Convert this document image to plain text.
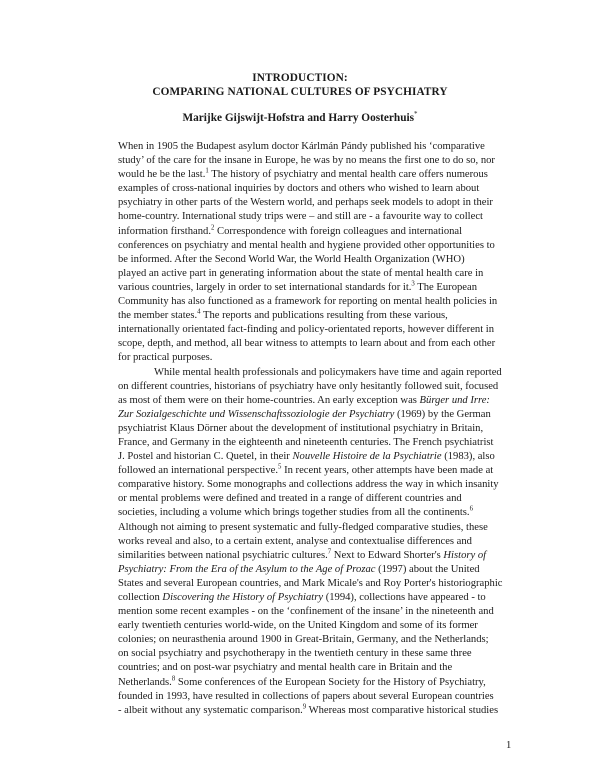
INTRODUCTION:
COMPARING NATIONAL CULTURES OF PSYCHIATRY
Marijke Gijswijt-Hofstra and Harry Oosterhuis*
When in 1905 the Budapest asylum doctor Kárlmán Pándy published his ‘comparative
study’ of the care for the insane in Europe, he was by no means the first one to do so, nor
would he be the last.$^1$ The history of psychiatry and mental health care offers numerous
examples of cross-national inquiries by doctors and others who wished to learn about
psychiatry in other parts of the Western world, and perhaps seek models to adopt in their
home-country. International study trips were – and still are - a favourite way to collect
information firsthand.$^2$ Correspondence with foreign colleagues and international
conferences on psychiatry and mental health and hygiene provided other opportunities to
be informed. After the Second World War, the World Health Organization (WHO)
played an active part in generating information about the state of mental health care in
various countries, largely in order to set international standards for it.$^3$ The European
Community has also functioned as a framework for reporting on mental health policies in
the member states.$^4$ The reports and publications resulting from these various,
internationally orientated fact-finding and policy-orientated reports, however different in
scope, depth, and method, all bear witness to attempts to learn about and from each other
for practical purposes.
While mental health professionals and policymakers have time and again reported
on different countries, historians of psychiatry have only hesitantly followed suit, focused
as most of them were on their home-countries. An early exception was Bürger und Irre:
Zur Sozialgeschichte und Wissenschaftssoziologie der Psychiatry (1969) by the German
psychiatrist Klaus Dörner about the development of institutional psychiatry in Britain,
France, and Germany in the eighteenth and nineteenth centuries. The French psychiatrist
J. Postel and historian C. Quetel, in their Nouvelle Histoire de la Psychiatrie (1983), also
followed an international perspective.$^5$ In recent years, other attempts have been made at
comparative history. Some monographs and collections address the way in which insanity
or mental problems were defined and treated in a range of different countries and
societies, including a volume which brings together studies from all the continents.$^6$
Although not aiming to present systematic and fully-fledged comparative studies, these
works reveal and also, to a certain extent, analyse and contextualise differences and
similarities between national psychiatric cultures.$^7$ Next to Edward Shorter's History of
Psychiatry: From the Era of the Asylum to the Age of Prozac (1997) about the United
States and several European countries, and Mark Micale's and Roy Porter's historiographic
collection Discovering the History of Psychiatry (1994), collections have appeared - to
mention some recent examples - on the ‘confinement of the insane’ in the nineteenth and
early twentieth centuries world-wide, on the United Kingdom and some of its former
colonies; on neurasthenia around 1900 in Great-Britain, Germany, and the Netherlands;
on social psychiatry and psychotherapy in the twentieth century in these same three
countries; and on post-war psychiatry and mental health care in Britain and the
Netherlands.$^8$ Some conferences of the European Society for the History of Psychiatry,
founded in 1993, have resulted in collections of papers about several European countries
- albeit without any systematic comparison.$^9$ Whereas most comparative historical studies
1
